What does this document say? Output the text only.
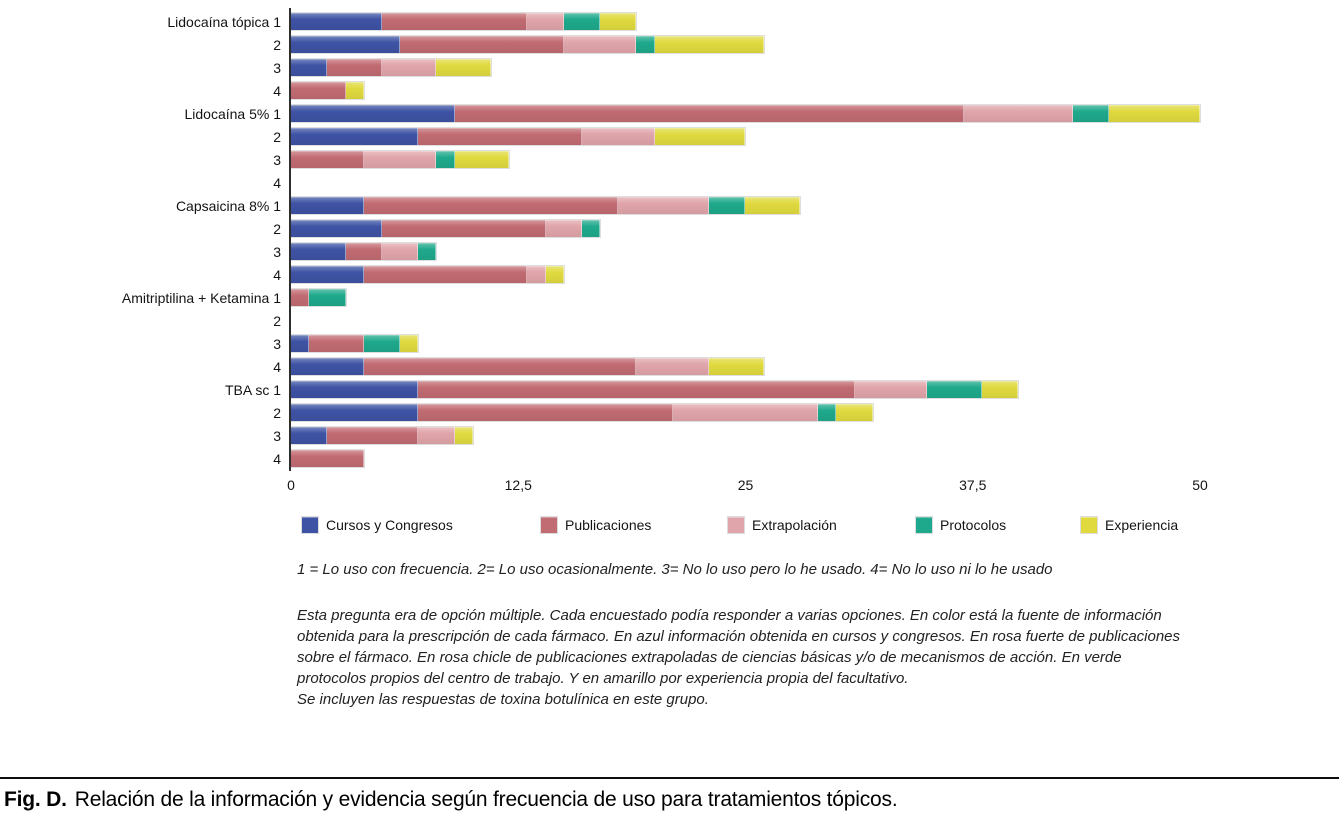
Lidocaína tópica 1
2
3
4
Lidocaína 5% 1
2
3
4
Capsaicina 8% 1
2
3
4
Amitriptilina + Ketamina 1
2
3
4
TBA sc 1
2
3
4
0	12,5	25	37,5	50
Cursos y Congresos	Publicaciones	Extrapolación	Protocolos	Experiencia

1 = Lo uso con frecuencia. 2= Lo uso ocasionalmente. 3= No lo uso pero lo he usado. 4= No lo uso ni lo he usado

Esta pregunta era de opción múltiple. Cada encuestado podía responder a varias opciones. En color está la fuente de información obtenida para la prescripción de cada fármaco. En azul información obtenida en cursos y congresos. En rosa fuerte de publicaciones sobre el fármaco. En rosa chicle de publicaciones extrapoladas de ciencias básicas y/o de mecanismos de acción. En verde protocolos propios del centro de trabajo. Y en amarillo por experiencia propia del facultativo.

Se incluyen las respuestas de toxina botulínica en este grupo.

Fig. D. Relación de la información y evidencia según frecuencia de uso para tratamientos tópicos.
